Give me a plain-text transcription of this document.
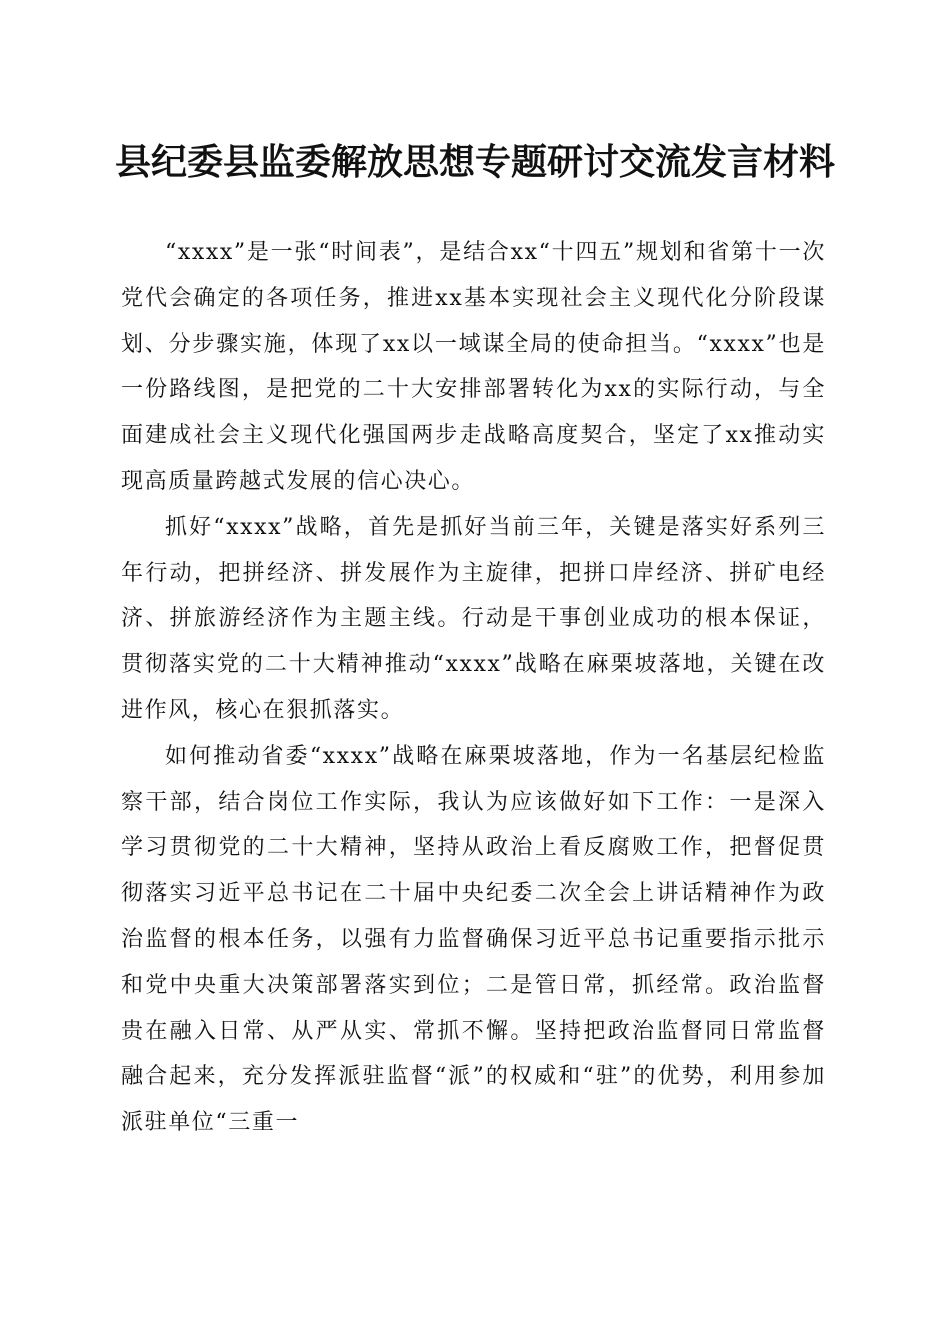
县纪委县监委解放思想专题研讨交流发言材料

“xxxx”是一张“时间表”，是结合xx“十四五”规划和省第十一次党代会确定的各项任务，推进xx基本实现社会主义现代化分阶段谋划、分步骤实施，体现了xx以一域谋全局的使命担当。“xxxx”也是一份路线图，是把党的二十大安排部署转化为xx的实际行动，与全面建成社会主义现代化强国两步走战略高度契合，坚定了xx推动实现高质量跨越式发展的信心决心。

抓好“xxxx”战略，首先是抓好当前三年，关键是落实好系列三年行动，把拼经济、拼发展作为主旋律，把拼口岸经济、拼矿电经济、拼旅游经济作为主题主线。行动是干事创业成功的根本保证，贯彻落实党的二十大精神推动“xxxx”战略在麻栗坡落地，关键在改进作风，核心在狠抓落实。

如何推动省委“xxxx”战略在麻栗坡落地，作为一名基层纪检监察干部，结合岗位工作实际，我认为应该做好如下工作：一是深入学习贯彻党的二十大精神，坚持从政治上看反腐败工作，把督促贯彻落实习近平总书记在二十届中央纪委二次全会上讲话精神作为政治监督的根本任务，以强有力监督确保习近平总书记重要指示批示和党中央重大决策部署落实到位；二是管日常，抓经常。政治监督贵在融入日常、从严从实、常抓不懈。坚持把政治监督同日常监督融合起来，充分发挥派驻监督“派”的权威和“驻”的优势，利用参加派驻单位“三重一
